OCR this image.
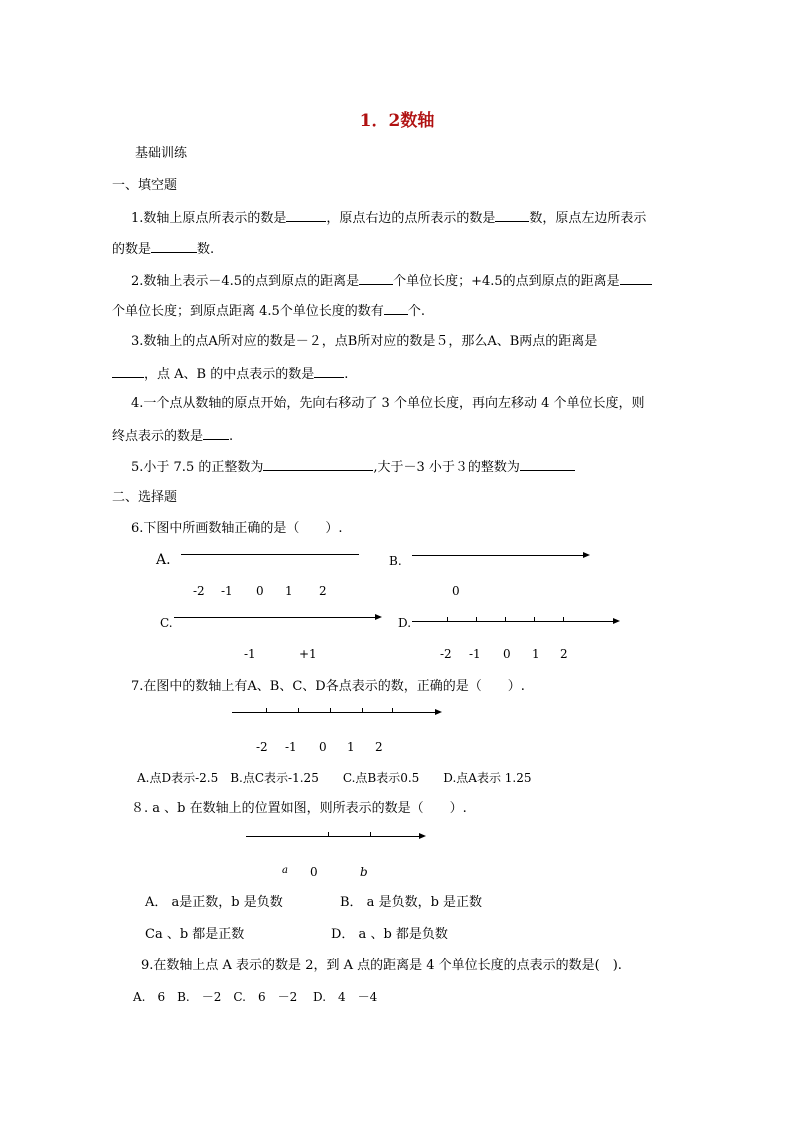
1．2数轴
基础训练
一、填空题
1.数轴上原点所表示的数是	，原点右边的点所表示的数是	数，原点左边所表示
的数是	数.
2.数轴上表示－4.5的点到原点的距离是	个单位长度；+4.5的点到原点的距离是
个单位长度；到原点距离 4.5个单位长度的数有 个.
3.数轴上的点A所对应的数是－２，点B所对应的数是５，那么A、B两点的距离是
，点 A、B 的中点表示的数是 .
4.一个点从数轴的原点开始，先向右移动了 3 个单位长度，再向左移动 4 个单位长度，则
终点表示的数是 .
5.小于 7.5 的正整数为	,大于－3 小于３的整数为
二、选择题
6.下图中所画数轴正确的是（　　）.
A.
-2 -1 0 1 2
B.
0
C.
-1	+1
D.
-2 -1 0 1 2
7.在图中的数轴上有A、B、C、D各点表示的数，正确的是（　　）.
-2 -1 0 1 2
A.点D表示-2.5　B.点C表示-1.25　　C.点B表示0.5　　D.点A表示 1.25
８. a 、b 在数轴上的位置如图，则所表示的数是（　　）.
a 0	b
A． a是正数，b 是负数	B． a 是负数，b 是正数
Ca 、b 都是正数	D． a 、b 都是负数
9.在数轴上点 A 表示的数是 2，到 A 点的距离是 4 个单位长度的点表示的数是(　).
A.　6　B.　－2　C.　6　－2　 D.　4　－4
